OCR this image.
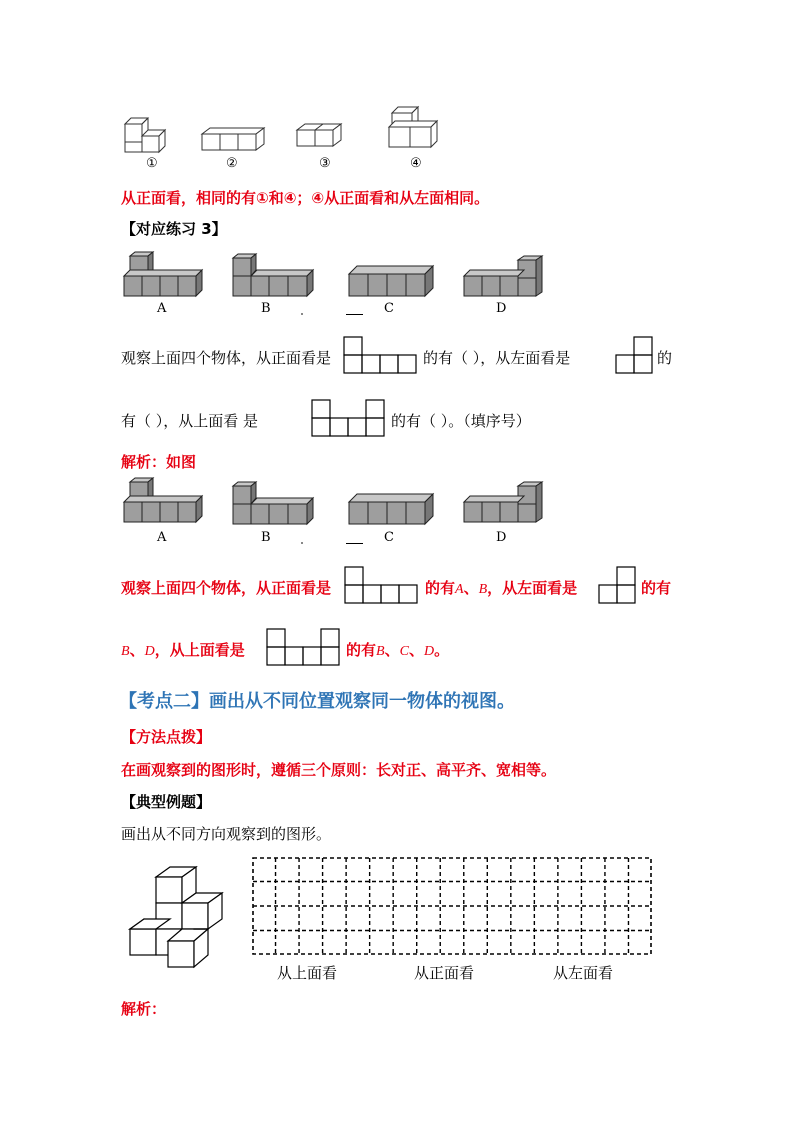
①	②	③	④
从正面看，相同的有①和④；④从正面看和从左面相同。
【对应练习 3】
A	B	C	D
观察上面四个物体，从正面看是	的有（ ），从左面看是	的
有（ ），从上面看 是	的有（ ）。（填序号）
解析：如图
A	B	C	D
观察上面四个物体，从正面看是	的有A、B，从左面看是	的有
B、D，从上面看是	的有B、C、D。
【考点二】画出从不同位置观察同一物体的视图。
【方法点拨】
在画观察到的图形时，遵循三个原则：长对正、高平齐、宽相等。
【典型例题】
画出从不同方向观察到的图形。
从上面看	从正面看	从左面看
解析：
